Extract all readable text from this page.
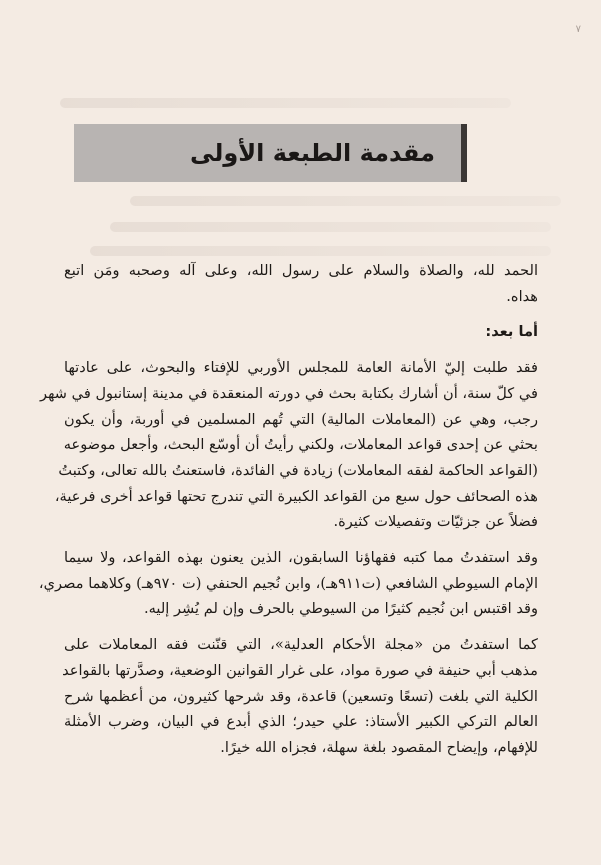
٧
مقدمة الطبعة الأولى

الحمد لله، والصلاة والسلام على رسول الله، وعلى آله وصحبه ومَن اتبع
هداه.

أما بعد:

فقد طلبت إليّ الأمانة العامة للمجلس الأوربي للإفتاء والبحوث، على عادتها
في كلّ سنة، أن أشارك بكتابة بحث في دورته المنعقدة في مدينة إستانبول في شهر
رجب، وهي عن (المعاملات المالية) التي تُهم المسلمين في أوربة، وأن يكون
بحثي عن إحدى قواعد المعاملات، ولكني رأيتُ أن أوسّع البحث، وأجعل موضوعه
(القواعد الحاكمة لفقه المعاملات) زيادة في الفائدة، فاستعنتُ بالله تعالى، وكتبتُ
هذه الصحائف حول سبع من القواعد الكبيرة التي تندرج تحتها قواعد أخرى فرعية،
فضلاً عن جزئيّات وتفصيلات كثيرة.

وقد استفدتُ مما كتبه فقهاؤنا السابقون، الذين يعنون بهذه القواعد، ولا سيما
الإمام السيوطي الشافعي (ت٩١١هـ)، وابن نُجيم الحنفي (ت ٩٧٠هـ) وكلاهما مصري،
وقد اقتبس ابن نُجيم كثيرًا من السيوطي بالحرف وإن لم يُشِر إليه.

كما استفدتُ من «مجلة الأحكام العدلية»، التي قنّنت فقه المعاملات على
مذهب أبي حنيفة في صورة مواد، على غرار القوانين الوضعية، وصدَّرتها بالقواعد
الكلية التي بلغت (تسعًا وتسعين) قاعدة، وقد شرحها كثيرون، من أعظمها شرح
العالم التركي الكبير الأستاذ: علي حيدر؛ الذي أبدع في البيان، وضرب الأمثلة
للإفهام، وإيضاح المقصود بلغة سهلة، فجزاه الله خيرًا.
